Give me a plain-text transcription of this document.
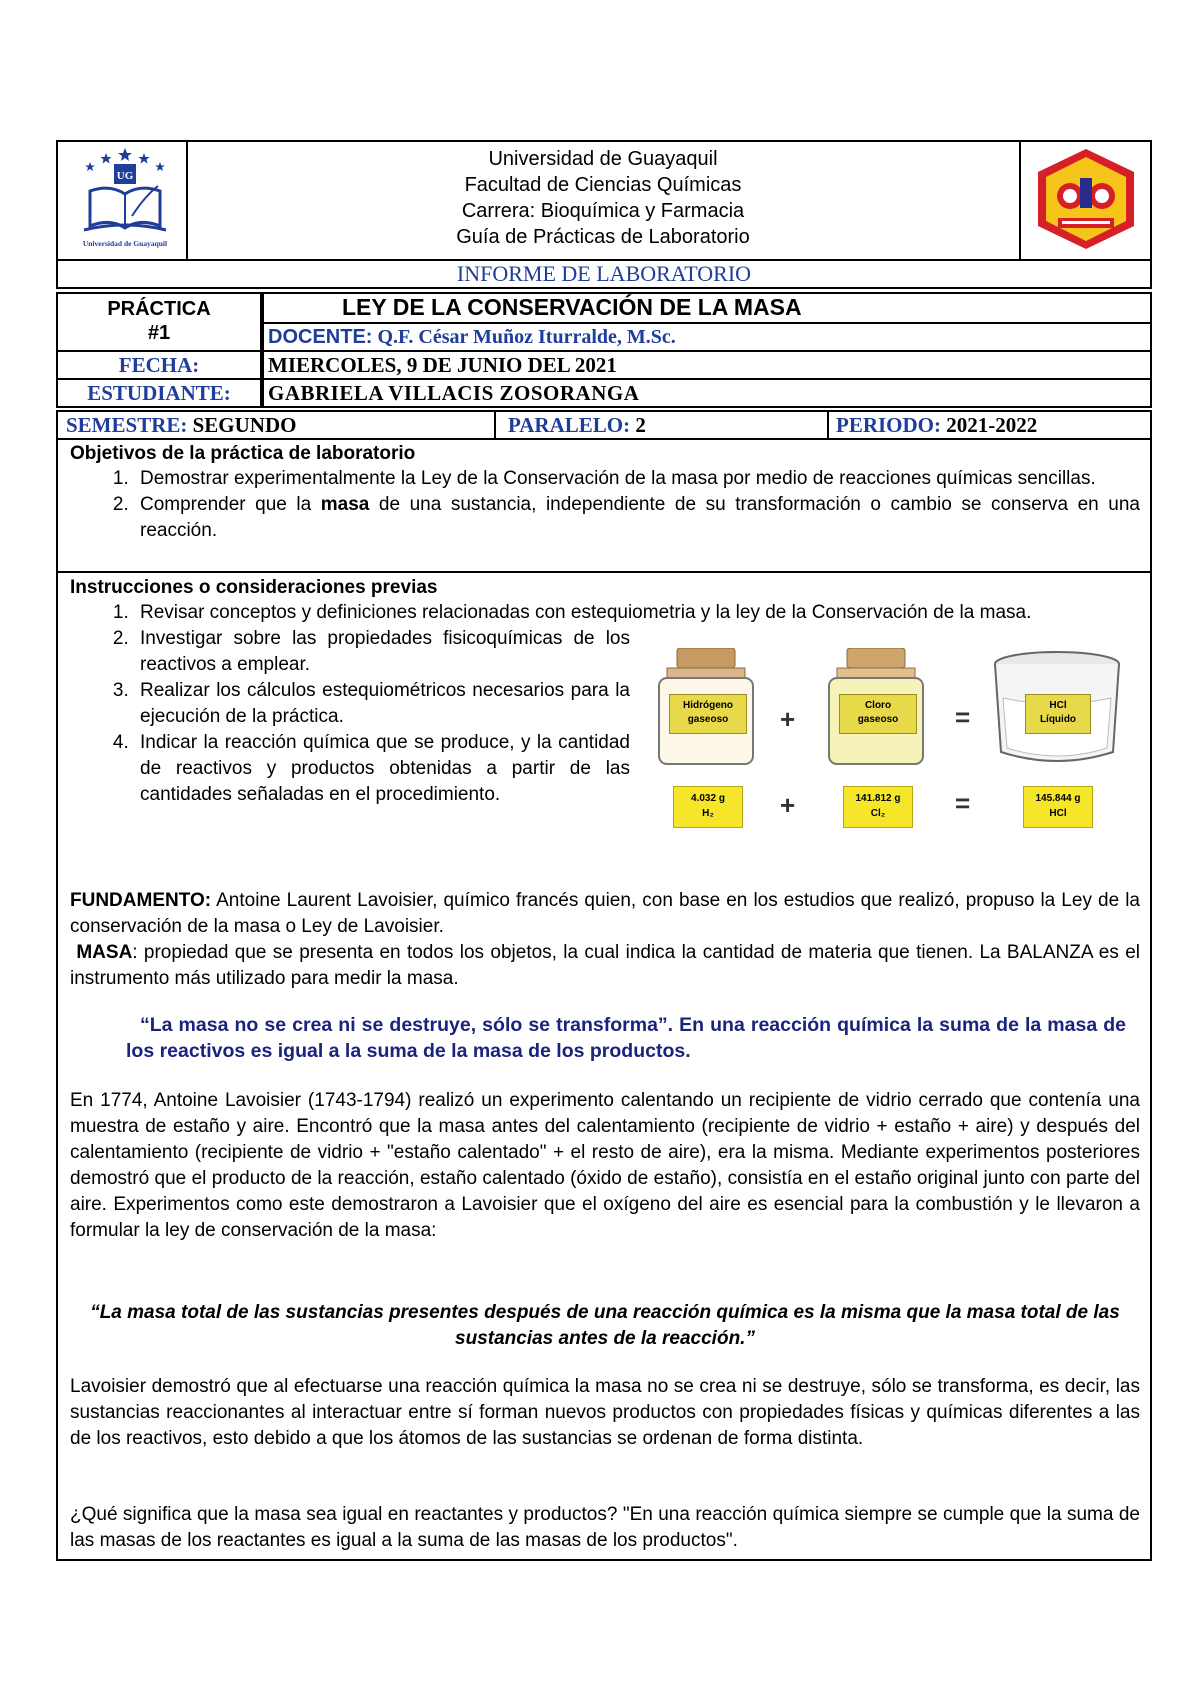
UG
Universidad de Guayaquil
Universidad de Guayaquil
Facultad de Ciencias Químicas
Carrera: Bioquímica y Farmacia
Guía de Prácticas de Laboratorio
INFORME DE LABORATORIO
PRÁCTICA
#1
LEY DE LA CONSERVACIÓN DE LA MASA
DOCENTE: Q.F. César Muñoz Iturralde, M.Sc.
FECHA:	MIERCOLES, 9 DE JUNIO DEL 2021
ESTUDIANTE:	GABRIELA VILLACIS ZOSORANGA
SEMESTRE: SEGUNDO	PARALELO: 2	PERIODO: 2021-2022
Objetivos de la práctica de laboratorio
1. Demostrar experimentalmente la Ley de la Conservación de la masa por medio de reacciones químicas sencillas.
2. Comprender que la masa de una sustancia, independiente de su transformación o cambio se conserva en una reacción.
Instrucciones o consideraciones previas
1. Revisar conceptos y definiciones relacionadas con estequiometria y la ley de la Conservación de la masa.
2. Investigar sobre las propiedades fisicoquímicas de los reactivos a emplear.
3. Realizar los cálculos estequiométricos necesarios para la ejecución de la práctica.
4. Indicar la reacción química que se produce, y la cantidad de reactivos y productos obtenidas a partir de las cantidades señaladas en el procedimiento.
Hidrógeno
gaseoso
Cloro
gaseoso
HCl
Líquido
+	=
4.032 g
H₂	+	141.812 g
Cl₂	=	145.844 g
HCl
FUNDAMENTO: Antoine Laurent Lavoisier, químico francés quien, con base en los estudios que realizó, propuso la Ley de la conservación de la masa o Ley de Lavoisier.
MASA: propiedad que se presenta en todos los objetos, la cual indica la cantidad de materia que tienen. La BALANZA es el instrumento más utilizado para medir la masa.
“La masa no se crea ni se destruye, sólo se transforma”. En una reacción química la suma de la masa de los reactivos es igual a la suma de la masa de los productos.
En 1774, Antoine Lavoisier (1743-1794) realizó un experimento calentando un recipiente de vidrio cerrado que contenía una muestra de estaño y aire. Encontró que la masa antes del calentamiento (recipiente de vidrio + estaño + aire) y después del calentamiento (recipiente de vidrio + "estaño calentado" + el resto de aire), era la misma. Mediante experimentos posteriores demostró que el producto de la reacción, estaño calentado (óxido de estaño), consistía en el estaño original junto con parte del aire. Experimentos como este demostraron a Lavoisier que el oxígeno del aire es esencial para la combustión y le llevaron a formular la ley de conservación de la masa:
“La masa total de las sustancias presentes después de una reacción química es la misma que la masa total de las sustancias antes de la reacción.”
Lavoisier demostró que al efectuarse una reacción química la masa no se crea ni se destruye, sólo se transforma, es decir, las sustancias reaccionantes al interactuar entre sí forman nuevos productos con propiedades físicas y químicas diferentes a las de los reactivos, esto debido a que los átomos de las sustancias se ordenan de forma distinta.
¿Qué significa que la masa sea igual en reactantes y productos? "En una reacción química siempre se cumple que la suma de las masas de los reactantes es igual a la suma de las masas de los productos".
